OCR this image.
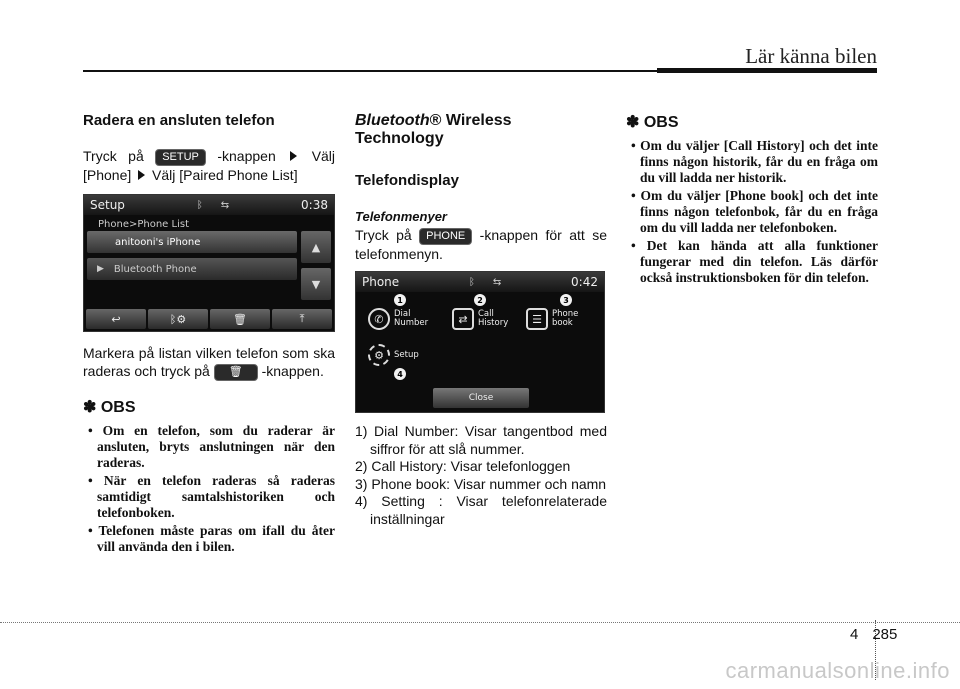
Lär känna bilen
Radera en ansluten telefon

Tryck på SETUP -knappen	Välj [Phone] Välj [Paired Phone List]

Setup	ᛒ ⇆	0:38
Phone>Phone List
anitooni's iPhone
▶ Bluetooth Phone
▲
▼
↩	ᛒ⚙	🗑	⤒

Markera på listan vilken telefon som ska raderas och tryck på 🗑 -knappen.

✽ OBS
• Om en telefon, som du raderar är ansluten, bryts anslutningen när den raderas.
• När en telefon raderas så raderas samtidigt samtalshistoriken och telefonboken.
• Telefonen måste paras om ifall du åter vill använda den i bilen.
Bluetooth® Wireless
Technology
Telefondisplay
Telefonmenyer

Tryck på PHONE -knappen för att se telefonmenyn.

Phone	ᛒ ⇆	0:42
1	2	3
✆	Dial Number	⇄	Call History	☰	Phone book
⚙	Setup
4
Close
1) Dial Number: Visar tangentbod med siffror för att slå nummer.
2) Call History: Visar telefonloggen
3) Phone book: Visar nummer och namn
4) Setting : Visar telefonrelaterade inställningar
✽ OBS
• Om du väljer [Call History] och det inte finns någon historik, får du en fråga om du vill ladda ner historik.
• Om du väljer [Phone book] och det inte finns någon telefonbok, får du en fråga om du vill ladda ner telefonboken.
• Det kan hända att alla funktioner fungerar med din telefon. Läs därför också instruktionsboken för din telefon.
4 285
carmanualsonline.info
